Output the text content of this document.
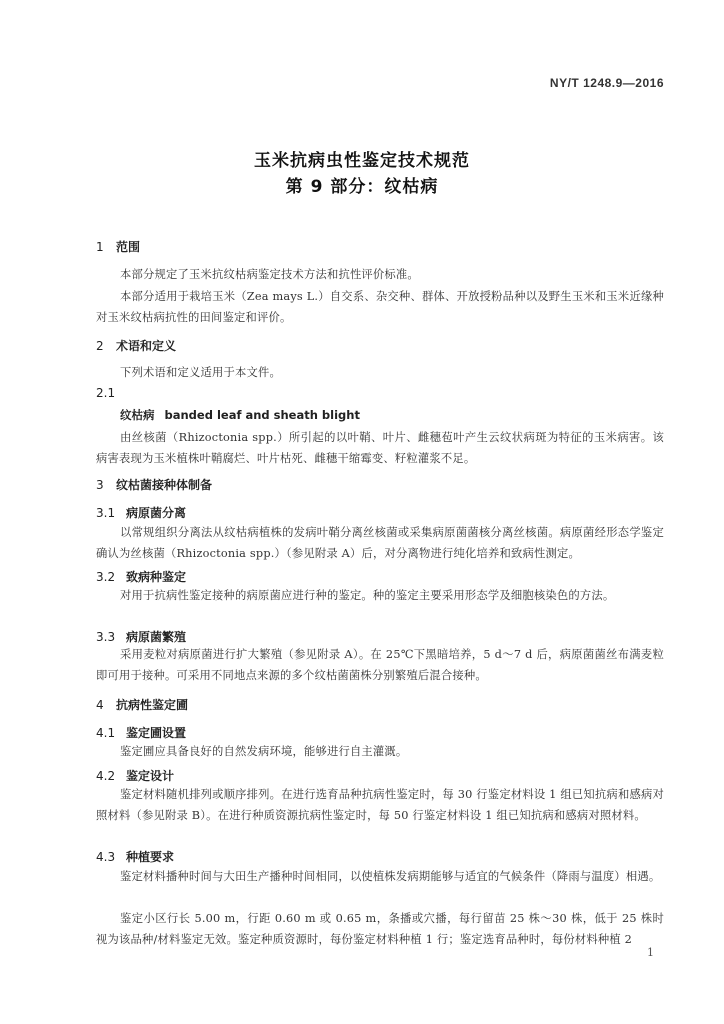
NY/T 1248.9—2016
玉米抗病虫性鉴定技术规范
第 9 部分：纹枯病
1 范围
本部分规定了玉米抗纹枯病鉴定技术方法和抗性评价标准。
本部分适用于栽培玉米（Zea mays L.）自交系、杂交种、群体、开放授粉品种以及野生玉米和玉米近缘种对玉米纹枯病抗性的田间鉴定和评价。
2 术语和定义
下列术语和定义适用于本文件。
2.1
纹枯病 banded leaf and sheath blight
由丝核菌（Rhizoctonia spp.）所引起的以叶鞘、叶片、雌穗苞叶产生云纹状病斑为特征的玉米病害。该病害表现为玉米植株叶鞘腐烂、叶片枯死、雌穗干缩霉变、籽粒灌浆不足。
3 纹枯菌接种体制备
3.1 病原菌分离
以常规组织分离法从纹枯病植株的发病叶鞘分离丝核菌或采集病原菌菌核分离丝核菌。病原菌经形态学鉴定确认为丝核菌（Rhizoctonia spp.）（参见附录 A）后，对分离物进行纯化培养和致病性测定。
3.2 致病种鉴定
对用于抗病性鉴定接种的病原菌应进行种的鉴定。种的鉴定主要采用形态学及细胞核染色的方法。
3.3 病原菌繁殖
采用麦粒对病原菌进行扩大繁殖（参见附录 A）。在 25℃下黑暗培养，5 d～7 d 后，病原菌菌丝布满麦粒即可用于接种。可采用不同地点来源的多个纹枯菌菌株分别繁殖后混合接种。
4 抗病性鉴定圃
4.1 鉴定圃设置
鉴定圃应具备良好的自然发病环境，能够进行自主灌溉。
4.2 鉴定设计
鉴定材料随机排列或顺序排列。在进行选育品种抗病性鉴定时，每 30 行鉴定材料设 1 组已知抗病和感病对照材料（参见附录 B）。在进行种质资源抗病性鉴定时，每 50 行鉴定材料设 1 组已知抗病和感病对照材料。
4.3 种植要求
鉴定材料播种时间与大田生产播种时间相同，以使植株发病期能够与适宜的气候条件（降雨与温度）相遇。
鉴定小区行长 5.00 m，行距 0.60 m 或 0.65 m，条播或穴播，每行留苗 25 株～30 株，低于 25 株时视为该品种/材料鉴定无效。鉴定种质资源时，每份鉴定材料种植 1 行；鉴定选育品种时，每份材料种植 2
1
